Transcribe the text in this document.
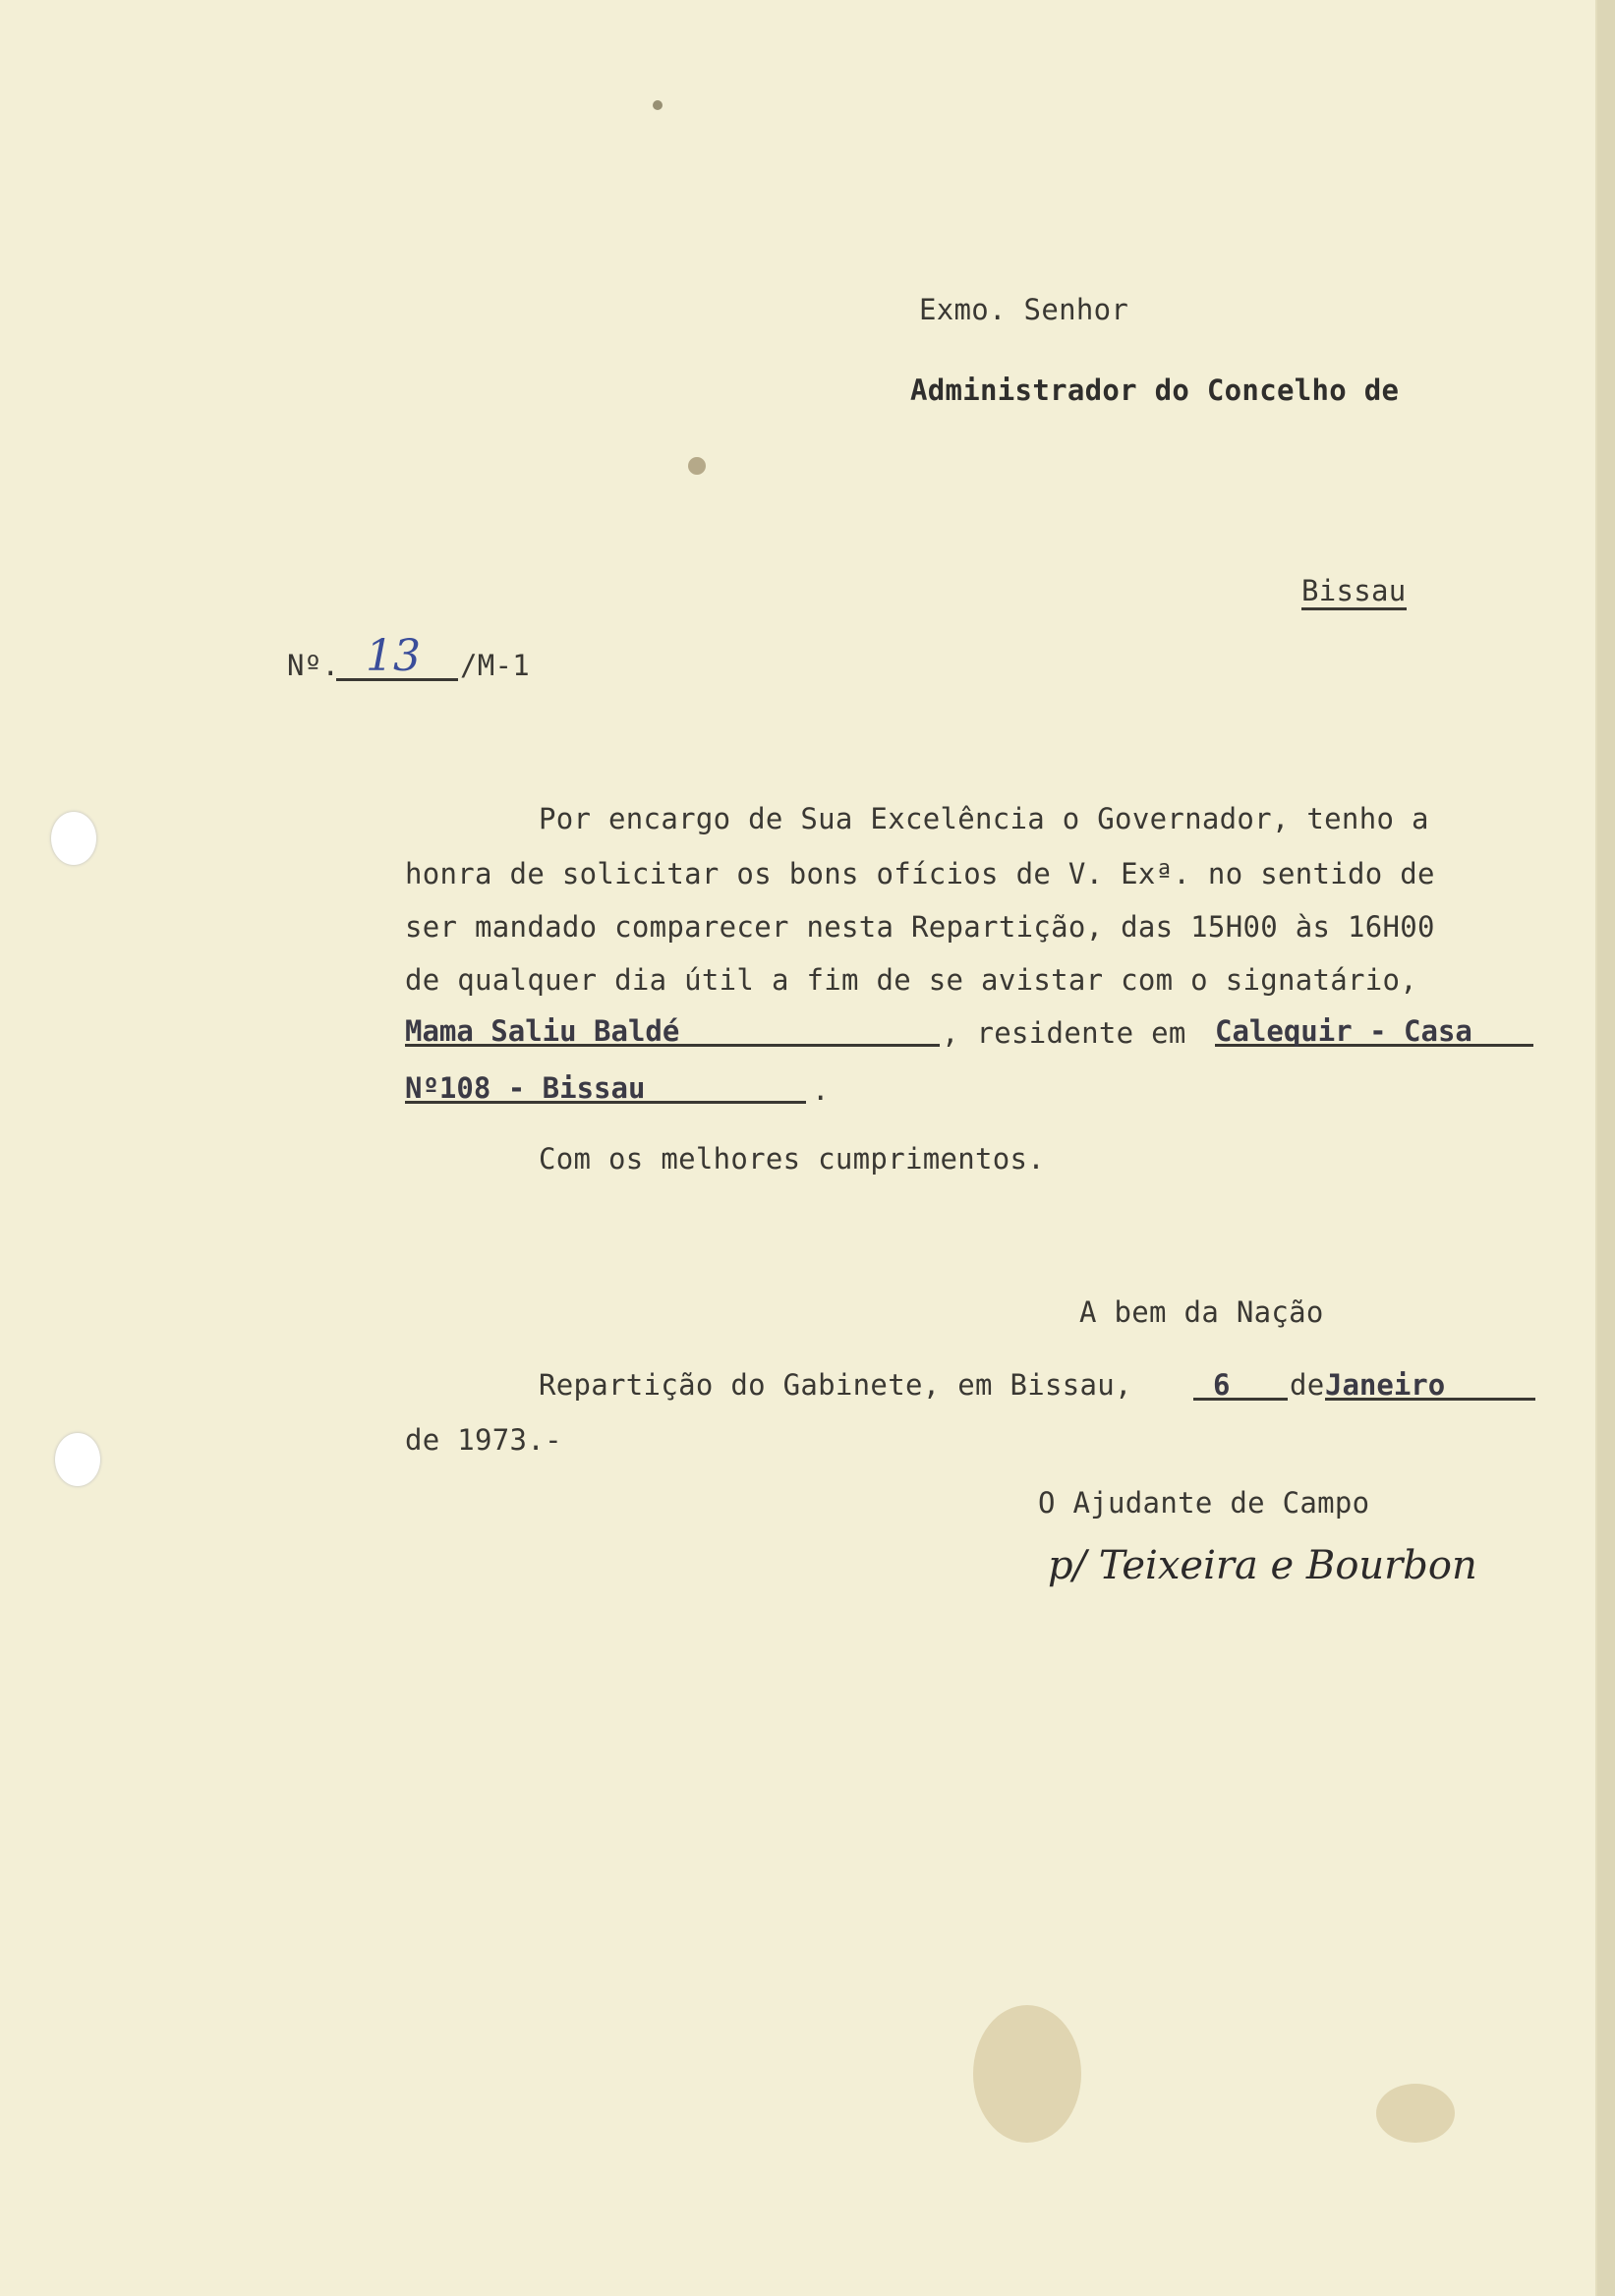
Exmo. Senhor
Administrador do Concelho de
Bissau
Nº. 13 /M-1
Por encargo de Sua Excelência o Governador, tenho a
honra de solicitar os bons ofícios de V. Exª. no sentido de
ser mandado comparecer nesta Repartição, das 15H00 às 16H00
de qualquer dia útil a fim de se avistar com o signatário,
Mama Saliu Baldé	, residente em Calequir - Casa
Nº108 - Bissau	.
Com os melhores cumprimentos.
A bem da Nação
Repartição do Gabinete, em Bissau,	6 de Janeiro
de 1973.-
O Ajudante de Campo
p/ Teixeira e Bourbon
